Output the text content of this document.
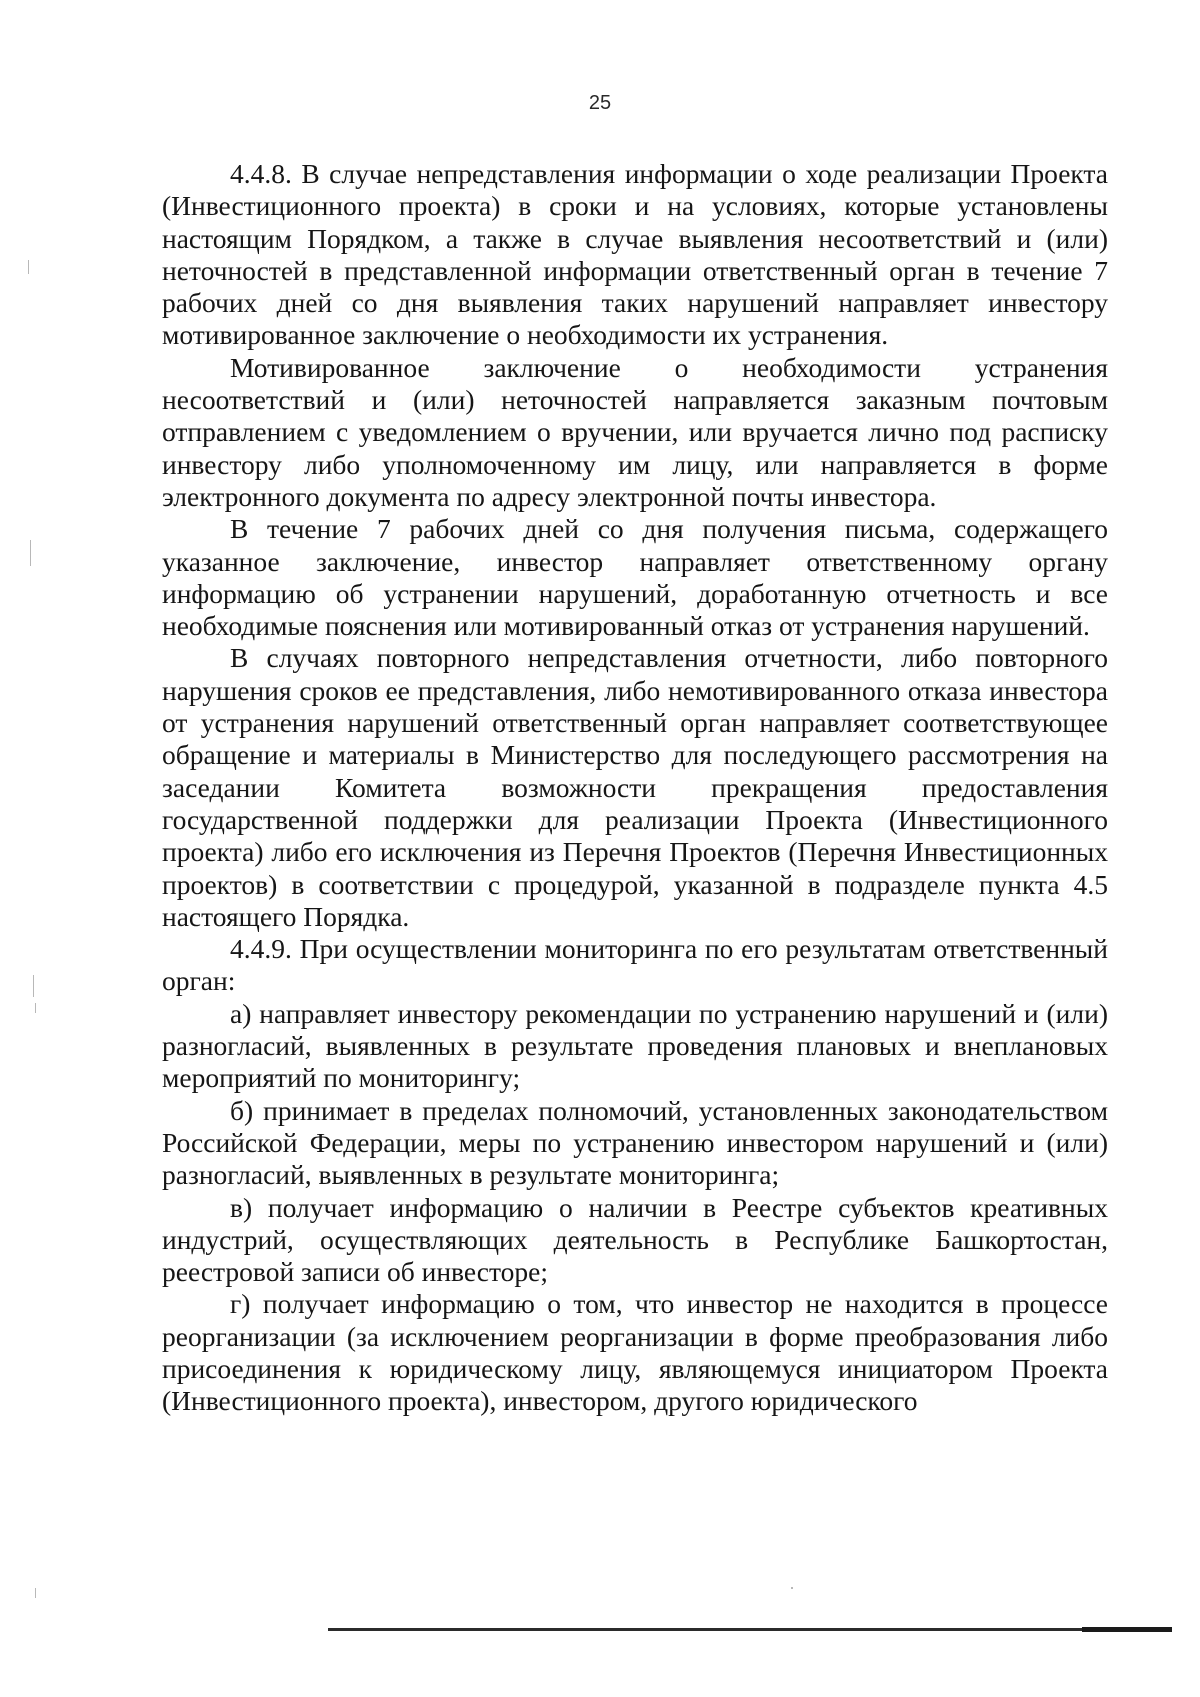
25

4.4.8. В случае непредставления информации о ходе реализации Проекта (Инвестиционного проекта) в сроки и на условиях, которые установлены настоящим Порядком, а также в случае выявления несоответствий и (или) неточностей в представленной информации ответственный орган в течение 7 рабочих дней со дня выявления таких нарушений направляет инвестору мотивированное заключение о необходимости их устранения.

Мотивированное заключение о необходимости устранения несоответствий и (или) неточностей направляется заказным почтовым отправлением с уведомлением о вручении, или вручается лично под расписку инвестору либо уполномоченному им лицу, или направляется в форме электронного документа по адресу электронной почты инвестора.

В течение 7 рабочих дней со дня получения письма, содержащего указанное заключение, инвестор направляет ответственному органу информацию об устранении нарушений, доработанную отчетность и все необходимые пояснения или мотивированный отказ от устранения нарушений.

В случаях повторного непредставления отчетности, либо повторного нарушения сроков ее представления, либо немотивированного отказа инвестора от устранения нарушений ответственный орган направляет соответствующее обращение и материалы в Министерство для последующего рассмотрения на заседании Комитета возможности прекращения предоставления государственной поддержки для реализации Проекта (Инвестиционного проекта) либо его исключения из Перечня Проектов (Перечня Инвестиционных проектов) в соответствии с процедурой, указанной в подразделе пункта 4.5 настоящего Порядка.

4.4.9. При осуществлении мониторинга по его результатам ответственный орган:

а) направляет инвестору рекомендации по устранению нарушений и (или) разногласий, выявленных в результате проведения плановых и внеплановых мероприятий по мониторингу;

б) принимает в пределах полномочий, установленных законодательством Российской Федерации, меры по устранению инвестором нарушений и (или) разногласий, выявленных в результате мониторинга;

в) получает информацию о наличии в Реестре субъектов креативных индустрий, осуществляющих деятельность в Республике Башкортостан, реестровой записи об инвесторе;

г) получает информацию о том, что инвестор не находится в процессе реорганизации (за исключением реорганизации в форме преобразования либо присоединения к юридическому лицу, являющемуся инициатором Проекта (Инвестиционного проекта), инвестором, другого юридического
